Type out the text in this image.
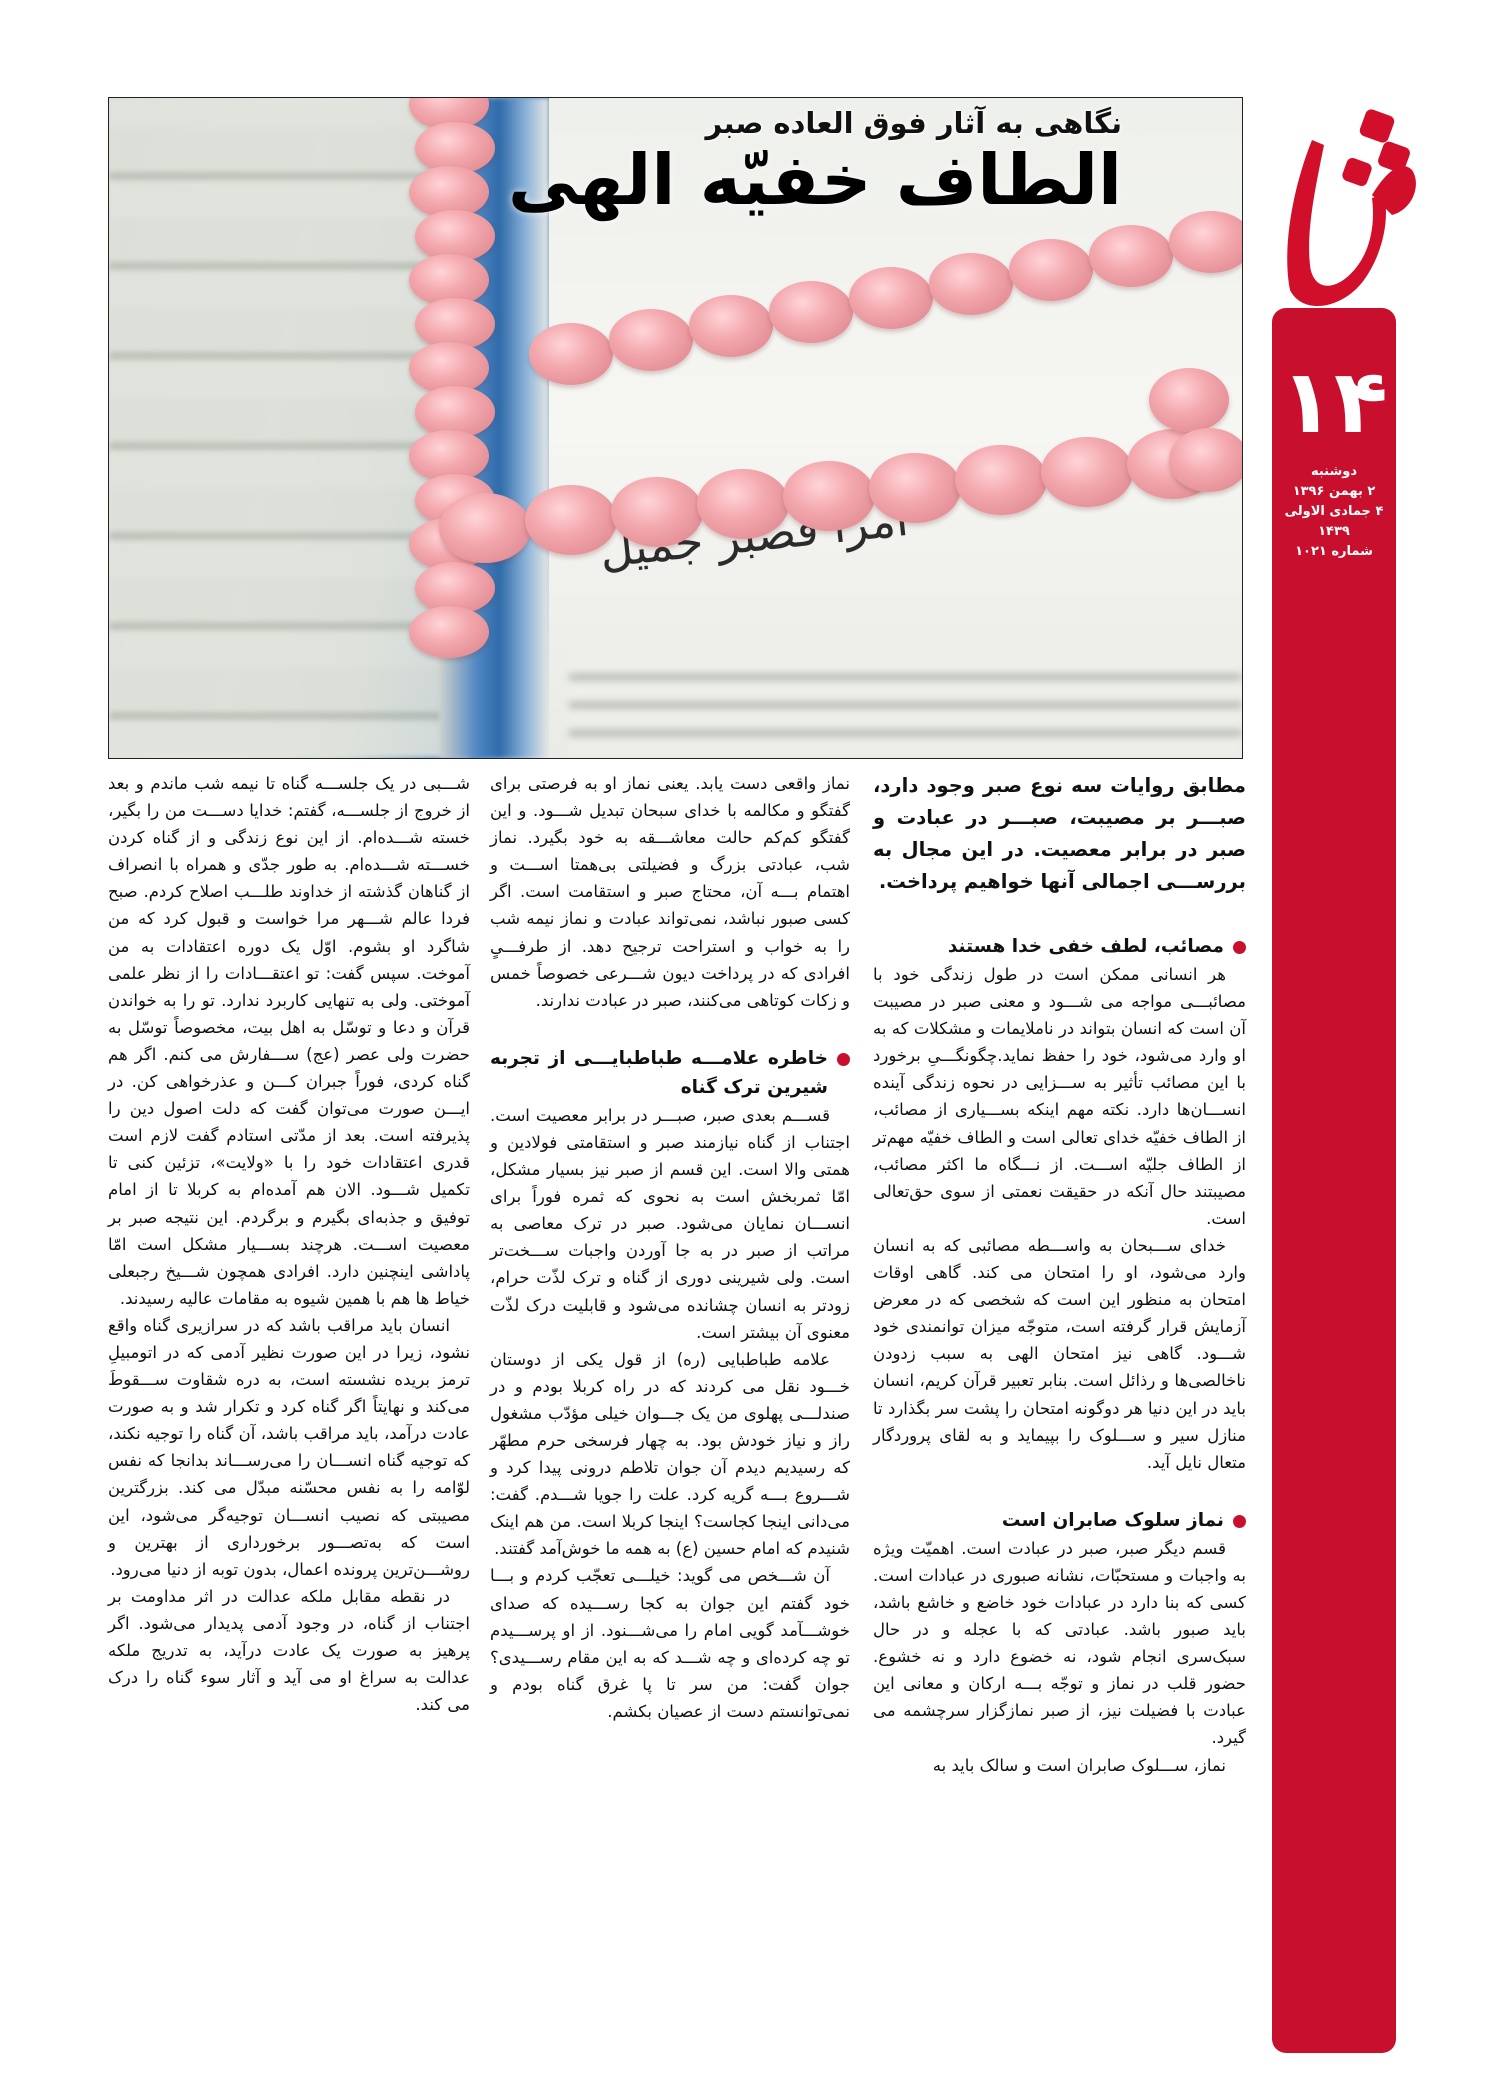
۱۴
دوشنبه
۲ بهمن ۱۳۹۶
۴ جمادی الاولی ۱۴۳۹
شماره ۱۰۲۱
امراً فصبرٌ
نگاهی به آثار فوق العاده صبر
الطاف خفیّه الهی

مطابق روایات سه نوع صبر وجود دارد، صبـــر بر مصیبت، صبـــر در عبادت و صبر در برابر معصیت. در این مجال به بررســـی اجمالی آنها خواهیم پرداخت.

مصائب، لطف خفی خدا هستند

هر انسانی ممکن است در طول زندگی خود با مصائبـــی مواجه می شـــود و معنی صبر در مصیبت آن است که انسان بتواند در ناملایمات و مشکلات که به او وارد می‌شود، خود را حفظ نماید.چگونگـــیِ برخورد با این مصائب تأثیر به ســـزایی در نحوه زندگی آینده انســـان‌ها دارد. نکته مهم اینکه بســـیاری از مصائب، از الطاف خفیّه خدای تعالی است و الطاف خفیّه مهم‌تر از الطاف جلیّه اســـت. از نـــگاه ما اکثر مصائب، مصیبتند حال آنکه در حقیقت نعمتی از سوی حق‌تعالی است.

خدای ســـبحان به واســـطه مصائبی که به انسان وارد می‌شود، او را امتحان می کند. گاهی اوقات امتحان به منظور این است که شخصی که در معرض آزمایش قرار گرفته است، متوجّه میزان توانمندی خود شـــود. گاهی نیز امتحان الهی به سبب زدودن ناخالصی‌ها و رذائل است. بنابر تعبیر قرآن کریم، انسان باید در این دنیا هر دوگونه امتحان را پشت سر بگذارد تا منازل سیر و ســـلوک را بپیماید و به لقای پروردگار متعال نایل آید.

نماز سلوک صابران است

قسم دیگر صبر، صبر در عبادت است. اهمیّت ویژه به واجبات و مستحبّات، نشانه صبوری در عبادات است. کسی که بنا دارد در عبادات خود خاضع و خاشع باشد، باید صبور باشد. عبادتی که با عجله و در حال سبک‌سری انجام شود، نه خضوع دارد و نه خشوع. حضور قلب در نماز و توجّه بـــه ارکان و معانی این عبادت با فضیلت نیز، از صبر نمازگزار سرچشمه می گیرد.

نماز، ســـلوک صابران است و سالک باید به

نماز واقعی دست یابد. یعنی نماز او به فرصتی برای گفتگو و مکالمه با خدای سبحان تبدیل شـــود. و این گفتگو کم‌کم حالت معاشـــقه به خود بگیرد. نماز شب، عبادتی بزرگ و فضیلتی بی‌همتا اســـت و اهتمام بـــه آن، محتاج صبر و استقامت است. اگر کسی صبور نباشد، نمی‌تواند عبادت و نماز نیمه شب را به خواب و استراحت ترجیح دهد. از طرفـــیٍ افرادی که در پرداخت دیون شـــرعی خصوصاً خمس و زکات کوتاهی می‌کنند، صبر در عبادت ندارند.

خاطره علامـــه طباطبایـــی از تجربه شیرین ترک گناه

قســـم بعدی صبر، صبـــر در برابر معصیت است. اجتناب از گناه نیازمند صبر و استقامتی فولادین و همتی والا است. این قسم از صبر نیز بسیار مشکل، امّا ثمربخش است به نحوی که ثمره فوراً برای انســـان نمایان می‌شود. صبر در ترک معاصی به مراتب از صبر در به جا آوردن واجبات ســـخت‌تر است. ولی شیرینی دوری از گناه و ترک لذّت حرام، زودتر به انسان چشانده می‌شود و قابلیت درک لذّت معنوی آن بیشتر است.

علامه طباطبایی (ره) از قول یکی از دوستان خـــود نقل می کردند که در راه کربلا بودم و در صندلـــی پهلوی من یک جـــوان خیلی مؤدّب مشغول راز و نیاز خودش بود. به چهار فرسخی حرم مطهّر که رسیدیم دیدم آن جوان تلاطم درونی پیدا کرد و شـــروع بـــه گریه کرد. علت را جویا شـــدم. گفت: می‌دانی اینجا کجاست؟ اینجا کربلا است. من هم اینک شنیدم که امام حسین (ع) به همه ما خوش‌آمد گفتند.

آن شـــخص می گوید: خیلـــی تعجّب کردم و بـــا خود گفتم این جوان به کجا رســـیده که صدای خوشـــآمد گویی امام را می‌شـــنود. از او پرســـیدم تو چه کرده‌ای و چه شـــد که به این مقام رســـیدی؟ جوان گفت: من سر تا پا غرق گناه بودم و نمی‌توانستم دست از عصیان بکشم.

شـــبی در یک جلســـه گناه تا نیمه شب ماندم و بعد از خروج از جلســـه، گفتم: خدایا دســـت من را بگیر، خسته شـــده‌ام. از این نوع زندگی و از گناه کردن خســـته شـــده‌ام. به طور جدّی و همراه با انصراف از گناهان گذشته از خداوند طلـــب اصلاح کردم. صبح فردا عالم شـــهر مرا خواست و قبول کرد که من شاگرد او بشوم. اوّل یک دوره اعتقادات به من آموخت. سپس گفت: تو اعتقـــادات را از نظر علمی آموختی. ولی به تنهایی کاربرد ندارد. تو را به خواندن قرآن و دعا و توسّل به اهل بیت، مخصوصاً توسّل به حضرت ولی عصر (عج) ســـفارش می کنم. اگر هم گناه کردی، فوراً جبران کـــن و عذرخواهی کن. در ایـــن صورت می‌توان گفت که دلت اصول دین را پذیرفته است. بعد از مدّتی استادم گفت لازم است قدری اعتقادات خود را با «ولایت»، تزئین کنی تا تکمیل شـــود. الان هم آمده‌ام به کربلا تا از امام توفیق و جذبه‌ای بگیرم و برگردم. این نتیجه صبر بر معصیت اســـت. هرچند بســـیار مشکل است امّا پاداشی اینچنین دارد. افرادی همچون شـــیخ رجبعلی خیاط ها هم با همین شیوه به مقامات عالیه رسیدند.

انسان باید مراقب باشد که در سرازیری گناه واقع نشود، زیرا در این صورت نظیر آدمی که در اتومبیلِ ترمز بریده نشسته است، به دره شقاوت ســـقوطَ می‌کند و نهایتاً اگر گناه کرد و تکرار شد و به صورت عادت درآمد، باید مراقب باشد، آن گناه را توجیه نکند، که توجیه گناه انســـان را می‌رســـاند بدانجا که نفس لوّامه را به نفس محسّنه مبدّل می کند. بزرگترین مصیبتی که نصیب انســـان توجیه‌گر می‌شود، این است که به‌تصـــور برخورداری از بهترین و روشـــن‌ترین پرونده اعمال، بدون توبه از دنیا می‌رود.

در نقطه مقابل ملکه عدالت در اثر مداومت بر اجتناب از گناه، در وجود آدمی پدیدار می‌شود. اگر پرهیز به صورت یک عادت درآید، به تدریج ملکه عدالت به سراغ او می آید و آثار سوء گناه را درک می کند.
